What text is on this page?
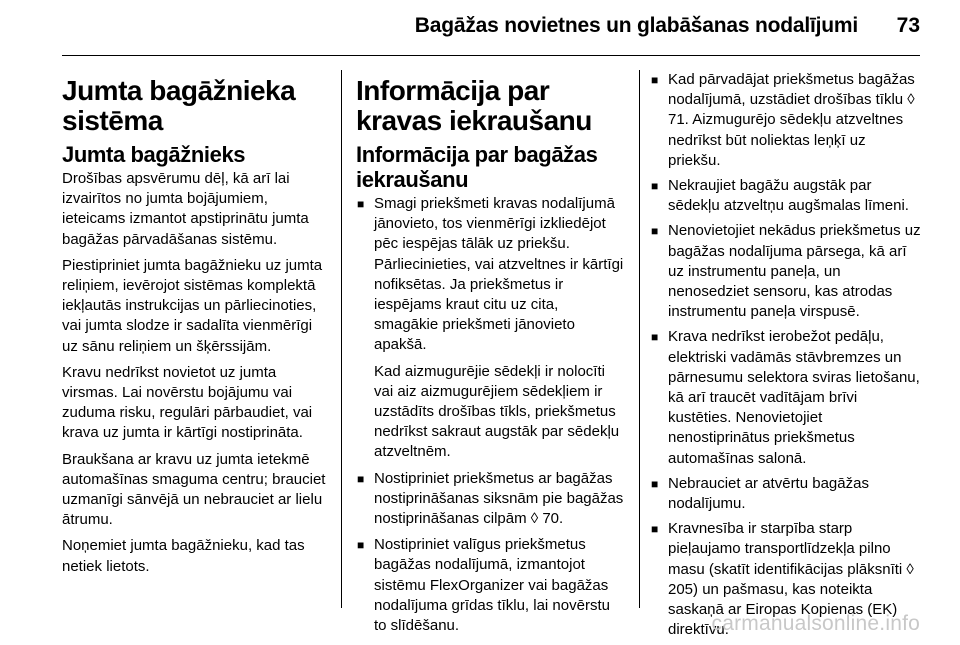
Bagāžas novietnes un glabāšanas nodalījumi 73
Jumta bagāžnieka sistēma
Jumta bagāžnieks

Drošības apsvērumu dēļ, kā arī lai izvairītos no jumta bojājumiem, ieteicams izmantot apstiprinātu jumta bagāžas pārvadāšanas sistēmu.

Piestipriniet jumta bagāžnieku uz jumta reliņiem, ievērojot sistēmas komplektā iekļautās instrukcijas un pārliecinoties, vai jumta slodze ir sadalīta vienmērīgi uz sānu reliņiem un šķērssijām.

Kravu nedrīkst novietot uz jumta virsmas. Lai novērstu bojājumu vai zuduma risku, regulāri pārbaudiet, vai krava uz jumta ir kārtīgi nostiprināta.

Braukšana ar kravu uz jumta ietekmē automašīnas smaguma centru; brauciet uzmanīgi sānvējā un nebrauciet ar lielu ātrumu.

Noņemiet jumta bagāžnieku, kad tas netiek lietots.

Informācija par kravas iekraušanu
Informācija par bagāžas iekraušanu
■ Smagi priekšmeti kravas nodalījumā jānovieto, tos vienmērīgi izkliedējot pēc iespējas tālāk uz priekšu. Pārliecinieties, vai atzveltnes ir kārtīgi nofiksētas. Ja priekšmetus ir iespējams kraut citu uz cita, smagākie priekšmeti jānovieto apakšā.
Kad aizmugurējie sēdekļi ir nolocīti vai aiz aizmugurējiem sēdekļiem ir uzstādīts drošības tīkls, priekšmetus nedrīkst sakraut augstāk par sēdekļu atzveltnēm.
■ Nostipriniet priekšmetus ar bagāžas nostiprināšanas siksnām pie bagāžas nostiprināšanas cilpām ◊ 70.
■ Nostipriniet valīgus priekšmetus bagāžas nodalījumā, izmantojot sistēmu FlexOrganizer vai bagāžas nodalījuma grīdas tīklu, lai novērstu to slīdēšanu.
■ Kad pārvadājat priekšmetus bagāžas nodalījumā, uzstādiet drošības tīklu ◊ 71. Aizmugurējo sēdekļu atzveltnes nedrīkst būt noliektas leņķī uz priekšu.
■ Nekraujiet bagāžu augstāk par sēdekļu atzveltņu augšmalas līmeni.
■ Nenovietojiet nekādus priekšmetus uz bagāžas nodalījuma pārsega, kā arī uz instrumentu paneļa, un nenosedziet sensoru, kas atrodas instrumentu paneļa virspusē.
■ Krava nedrīkst ierobežot pedāļu, elektriski vadāmās stāvbremzes un pārnesumu selektora sviras lietošanu, kā arī traucēt vadītājam brīvi kustēties. Nenovietojiet nenostiprinātus priekšmetus automašīnas salonā.
■ Nebrauciet ar atvērtu bagāžas nodalījumu.
■ Kravnesība ir starpība starp pieļaujamo transportlīdzekļa pilno masu (skatīt identifikācijas plāksnīti ◊ 205) un pašmasu, kas noteikta saskaņā ar Eiropas Kopienas (EK) direktīvu.
carmanualsonline.info
